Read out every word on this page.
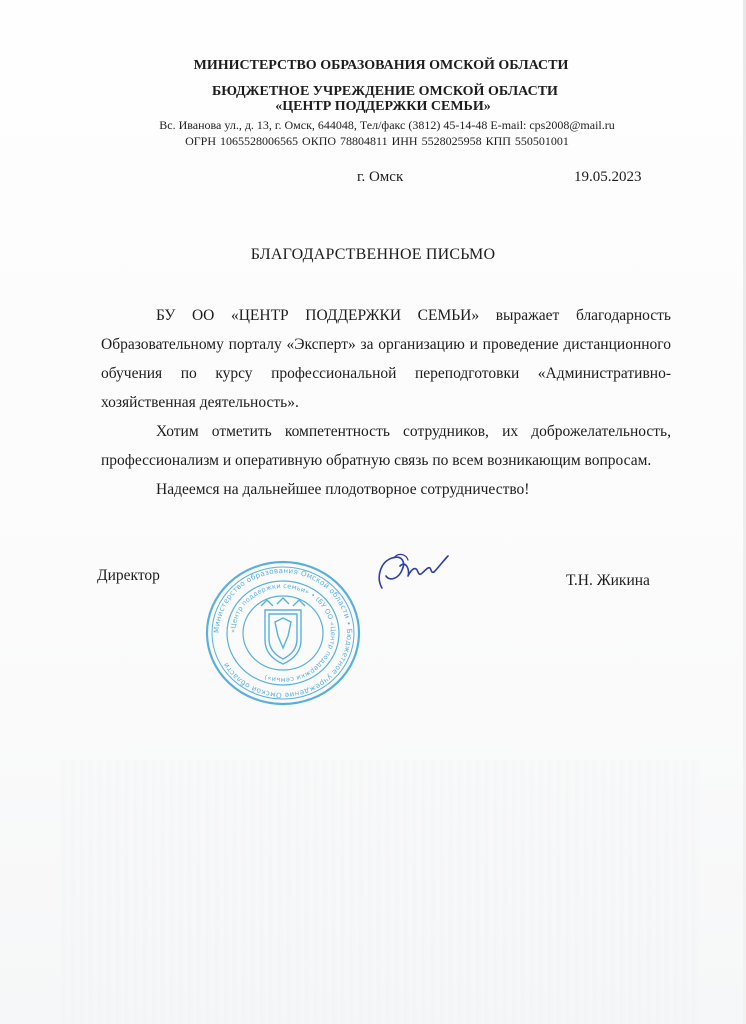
МИНИСТЕРСТВО ОБРАЗОВАНИЯ ОМСКОЙ ОБЛАСТИ
БЮДЖЕТНОЕ УЧРЕЖДЕНИЕ ОМСКОЙ ОБЛАСТИ
«ЦЕНТР ПОДДЕРЖКИ СЕМЬИ»
Вс. Иванова ул., д. 13, г. Омск, 644048, Тел/факс (3812) 45-14-48 E-mail: cps2008@mail.ru
ОГРН 1065528006565 ОКПО 78804811 ИНН 5528025958 КПП 550501001
г. Омск	19.05.2023
БЛАГОДАРСТВЕННОЕ ПИСЬМО

БУ ОО «ЦЕНТР ПОДДЕРЖКИ СЕМЬИ» выражает благодарность Образовательному порталу «Эксперт» за организацию и проведение дистанционного обучения по курсу профессиональной переподготовки «Административно-хозяйственная деятельность».

Хотим отметить компетентность сотрудников, их доброжелательность, профессионализм и оперативную обратную связь по всем возникающим вопросам.

Надеемся на дальнейшее плодотворное сотрудничество!

Директор	Т.Н. Жикина
Министерство образования Омской области • Бюджетное учреждение Омской области
«Центр поддержки семьи» • (БУ ОО «Центр поддержки семьи»)
